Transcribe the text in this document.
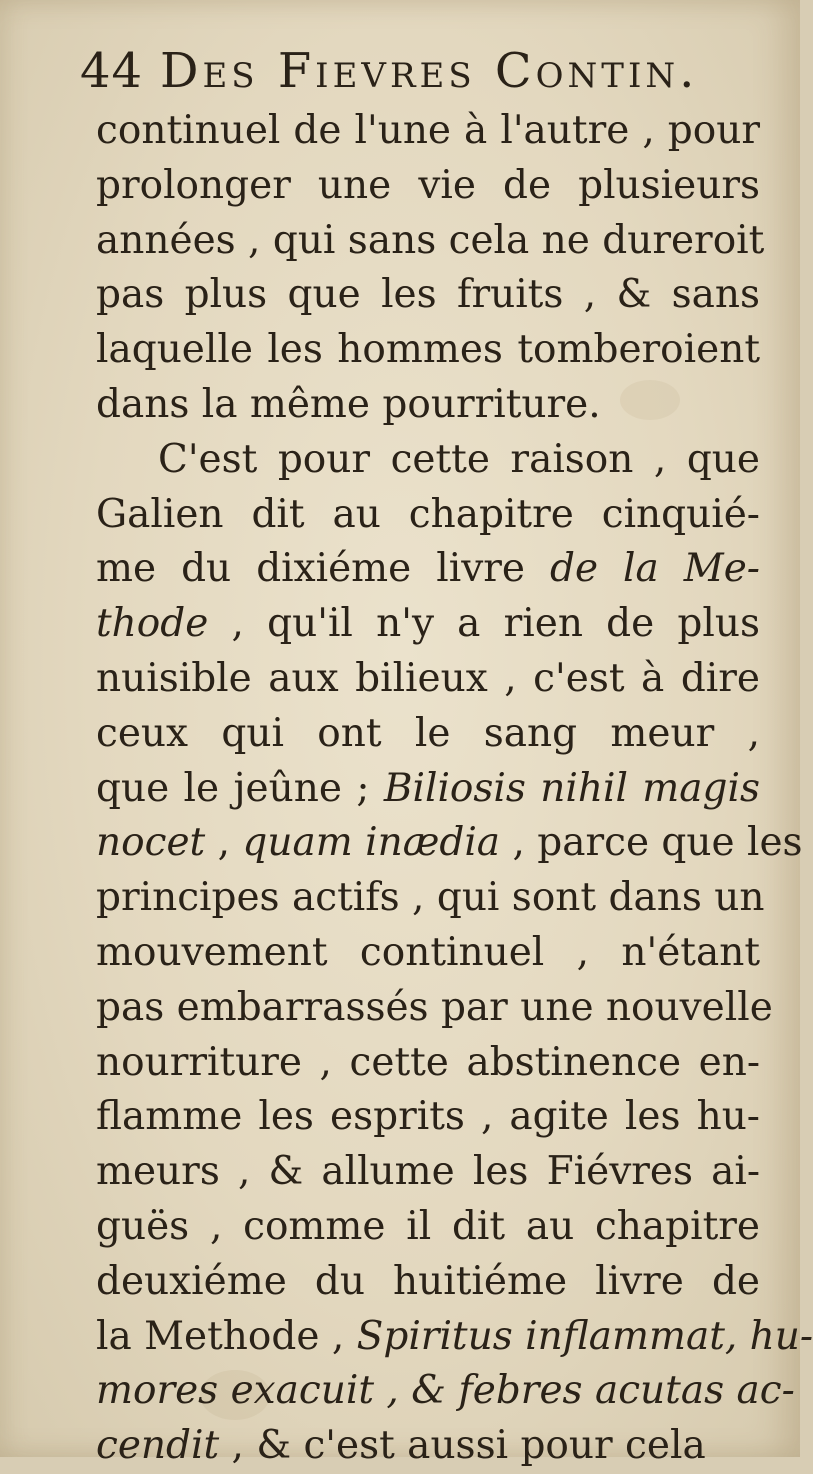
44 Des Fievres Contin.
continuel de l'une à l'autre , pour
prolonger une vie de plusieurs
années , qui sans cela ne dureroit
pas plus que les fruits , & sans
laquelle les hommes tomberoient
dans la même pourriture.
C'est pour cette raison , que
Galien dit au chapitre cinquié-
me du dixiéme livre de la Me-
thode , qu'il n'y a rien de plus
nuisible aux bilieux , c'est à dire
ceux qui ont le sang meur ,
que le jeûne ; Biliosis nihil magis
nocet , quam inædia , parce que les
principes actifs , qui sont dans un
mouvement continuel , n'étant
pas embarrassés par une nouvelle
nourriture , cette abstinence en-
flamme les esprits , agite les hu-
meurs , & allume les Fiévres ai-
guës , comme il dit au chapitre
deuxiéme du huitiéme livre de
la Methode , Spiritus inflammat, hu-
mores exacuit , & febres acutas ac-
cendit , & c'est aussi pour cela
